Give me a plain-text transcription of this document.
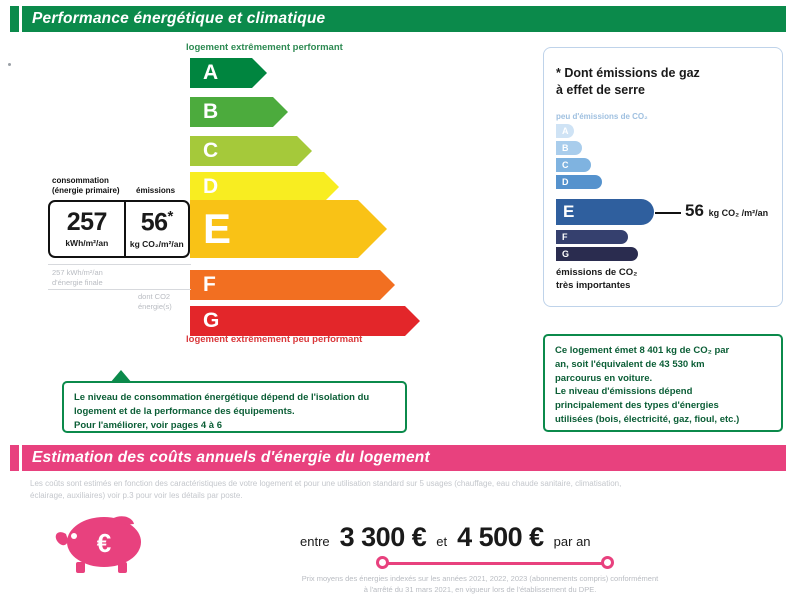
Performance énergétique et climatique
logement extrêmement performant
A
B
C
D
E
F
G
logement extrêmement peu performant
consommation
(énergie primaire) émissions
257
kWh/m²/an
56*
kg CO₂/m²/an
257 kWh/m²/an
d'énergie finale
dont CO2
énergie(s)
Le niveau de consommation énergétique dépend de l'isolation du
logement et de la performance des équipements.
Pour l'améliorer, voir pages 4 à 6
* Dont émissions de gaz
à effet de serre
peu d'émissions de CO₂
A
B
C
D
E
F
G
56 kg CO₂ /m²/an
émissions de CO₂
très importantes
Ce logement émet 8 401 kg de CO₂ par
an, soit l'équivalent de 43 530 km
parcourus en voiture.
Le niveau d'émissions dépend
principalement des types d'énergies
utilisées (bois, électricité, gaz, fioul, etc.)
Estimation des coûts annuels d'énergie du logement
Les coûts sont estimés en fonction des caractéristiques de votre logement et pour une utilisation standard sur 5 usages (chauffage, eau chaude sanitaire, climatisation,
éclairage, auxiliaires) voir p.3 pour voir les détails par poste.
€	entre 3 300 € et 4 500 € par an
Prix moyens des énergies indexés sur les années 2021, 2022, 2023 (abonnements compris) conformément
à l'arrêté du 31 mars 2021, en vigueur lors de l'établissement du DPE.
